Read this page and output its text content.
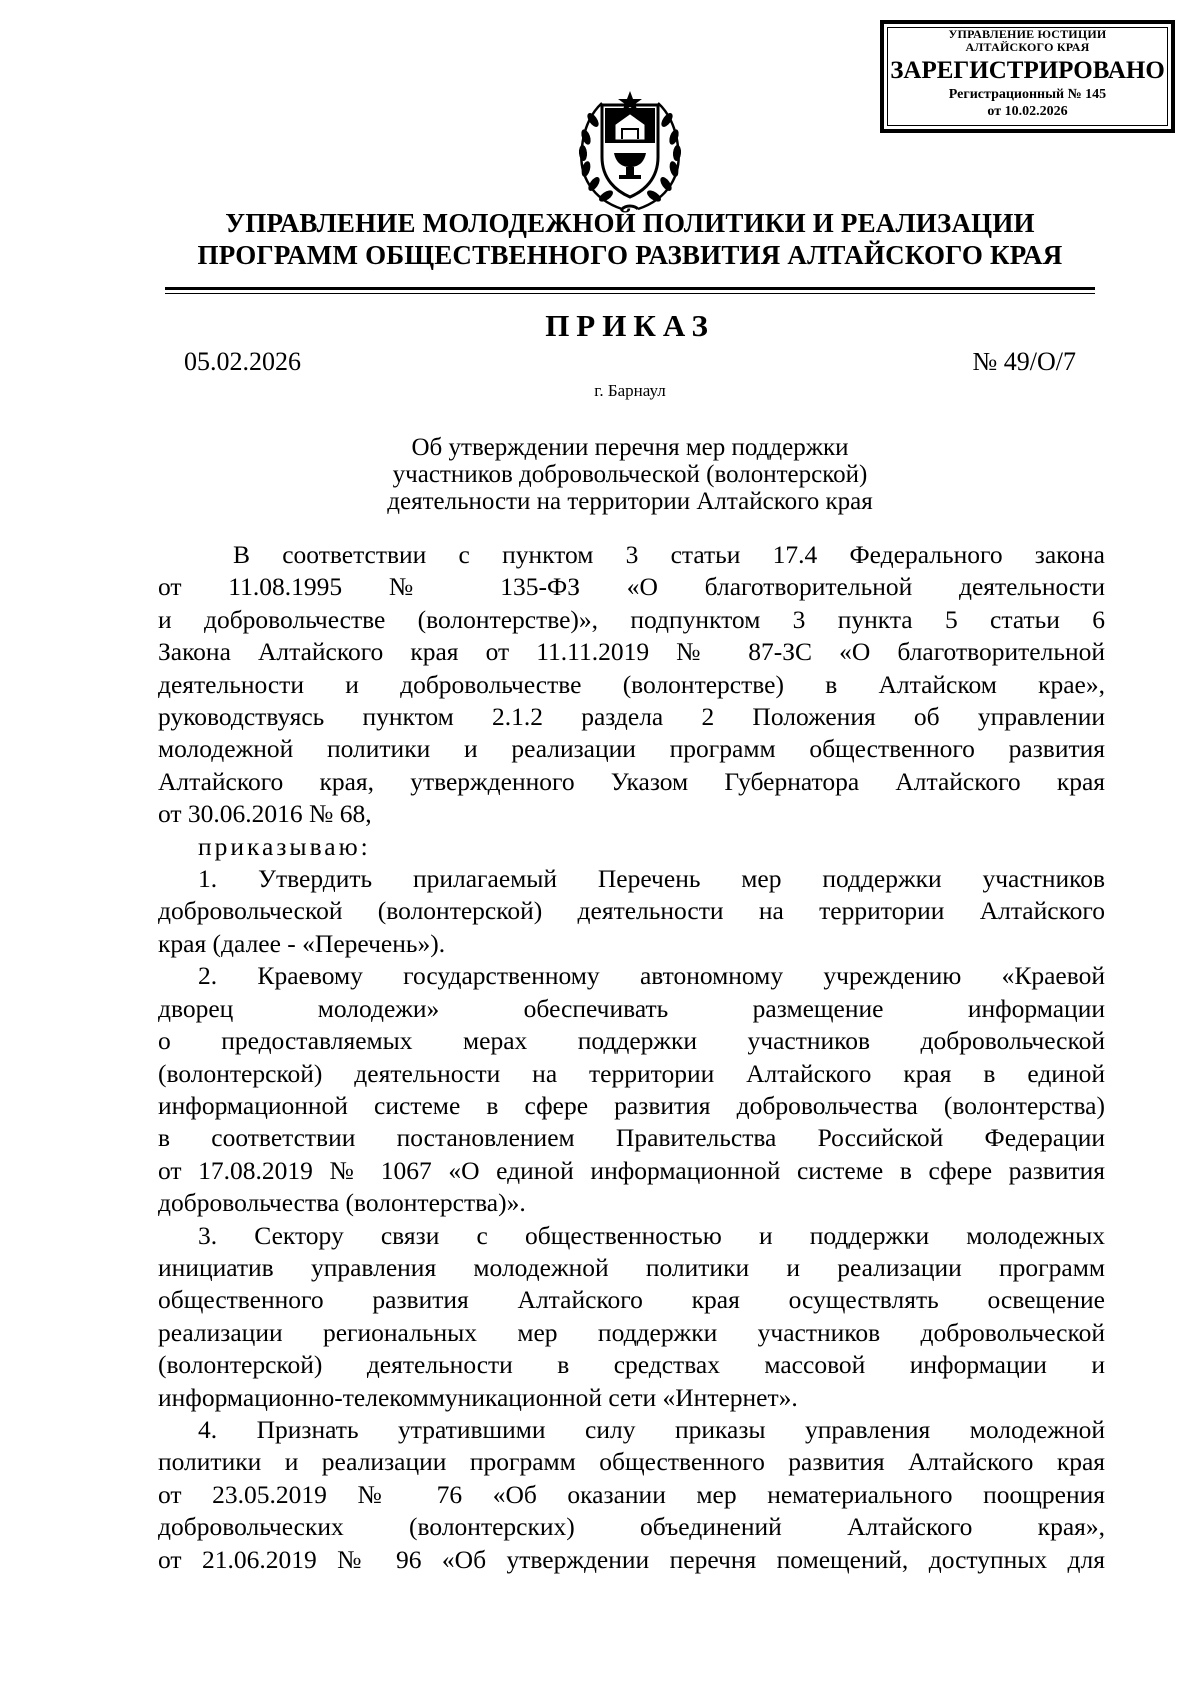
УПРАВЛЕНИЕ ЮСТИЦИИ
АЛТАЙСКОГО КРАЯ
ЗАРЕГИСТРИРОВАНО
Регистрационный № 145
от 10.02.2026
УПРАВЛЕНИЕ МОЛОДЕЖНОЙ ПОЛИТИКИ И РЕАЛИЗАЦИИ
ПРОГРАММ ОБЩЕСТВЕННОГО РАЗВИТИЯ АЛТАЙСКОГО КРАЯ
ПРИКАЗ
05.02.2026	№ 49/О/7
г. Барнаул
Об утверждении перечня мер поддержки
участников добровольческой (волонтерской)
деятельности на территории Алтайского края

В соответствии с пунктом 3 статьи 17.4 Федерального закона

от 11.08.1995 № 135-ФЗ «О благотворительной деятельности

и добровольчестве (волонтерстве)», подпунктом 3 пункта 5 статьи 6

Закона Алтайского края от 11.11.2019 № 87-ЗС «О благотворительной

деятельности и добровольчестве (волонтерстве) в Алтайском крае»,

руководствуясь пунктом 2.1.2 раздела 2 Положения об управлении

молодежной политики и реализации программ общественного развития

Алтайского края, утвержденного Указом Губернатора Алтайского края

от 30.06.2016 № 68,

приказываю:

1. Утвердить прилагаемый Перечень мер поддержки участников

добровольческой (волонтерской) деятельности на территории Алтайского

края (далее - «Перечень»).

2. Краевому государственному автономному учреждению «Краевой

дворец молодежи» обеспечивать размещение информации

о предоставляемых мерах поддержки участников добровольческой

(волонтерской) деятельности на территории Алтайского края в единой

информационной системе в сфере развития добровольчества (волонтерства)

в соответствии постановлением Правительства Российской Федерации

от 17.08.2019 № 1067 «О единой информационной системе в сфере развития

добровольчества (волонтерства)».

3. Сектору связи с общественностью и поддержки молодежных

инициатив управления молодежной политики и реализации программ

общественного развития Алтайского края осуществлять освещение

реализации региональных мер поддержки участников добровольческой

(волонтерской) деятельности в средствах массовой информации и

информационно-телекоммуникационной сети «Интернет».

4. Признать утратившими силу приказы управления молодежной

политики и реализации программ общественного развития Алтайского края

от 23.05.2019 № 76 «Об оказании мер нематериального поощрения

добровольческих (волонтерских) объединений Алтайского края»,

от 21.06.2019 № 96 «Об утверждении перечня помещений, доступных для
